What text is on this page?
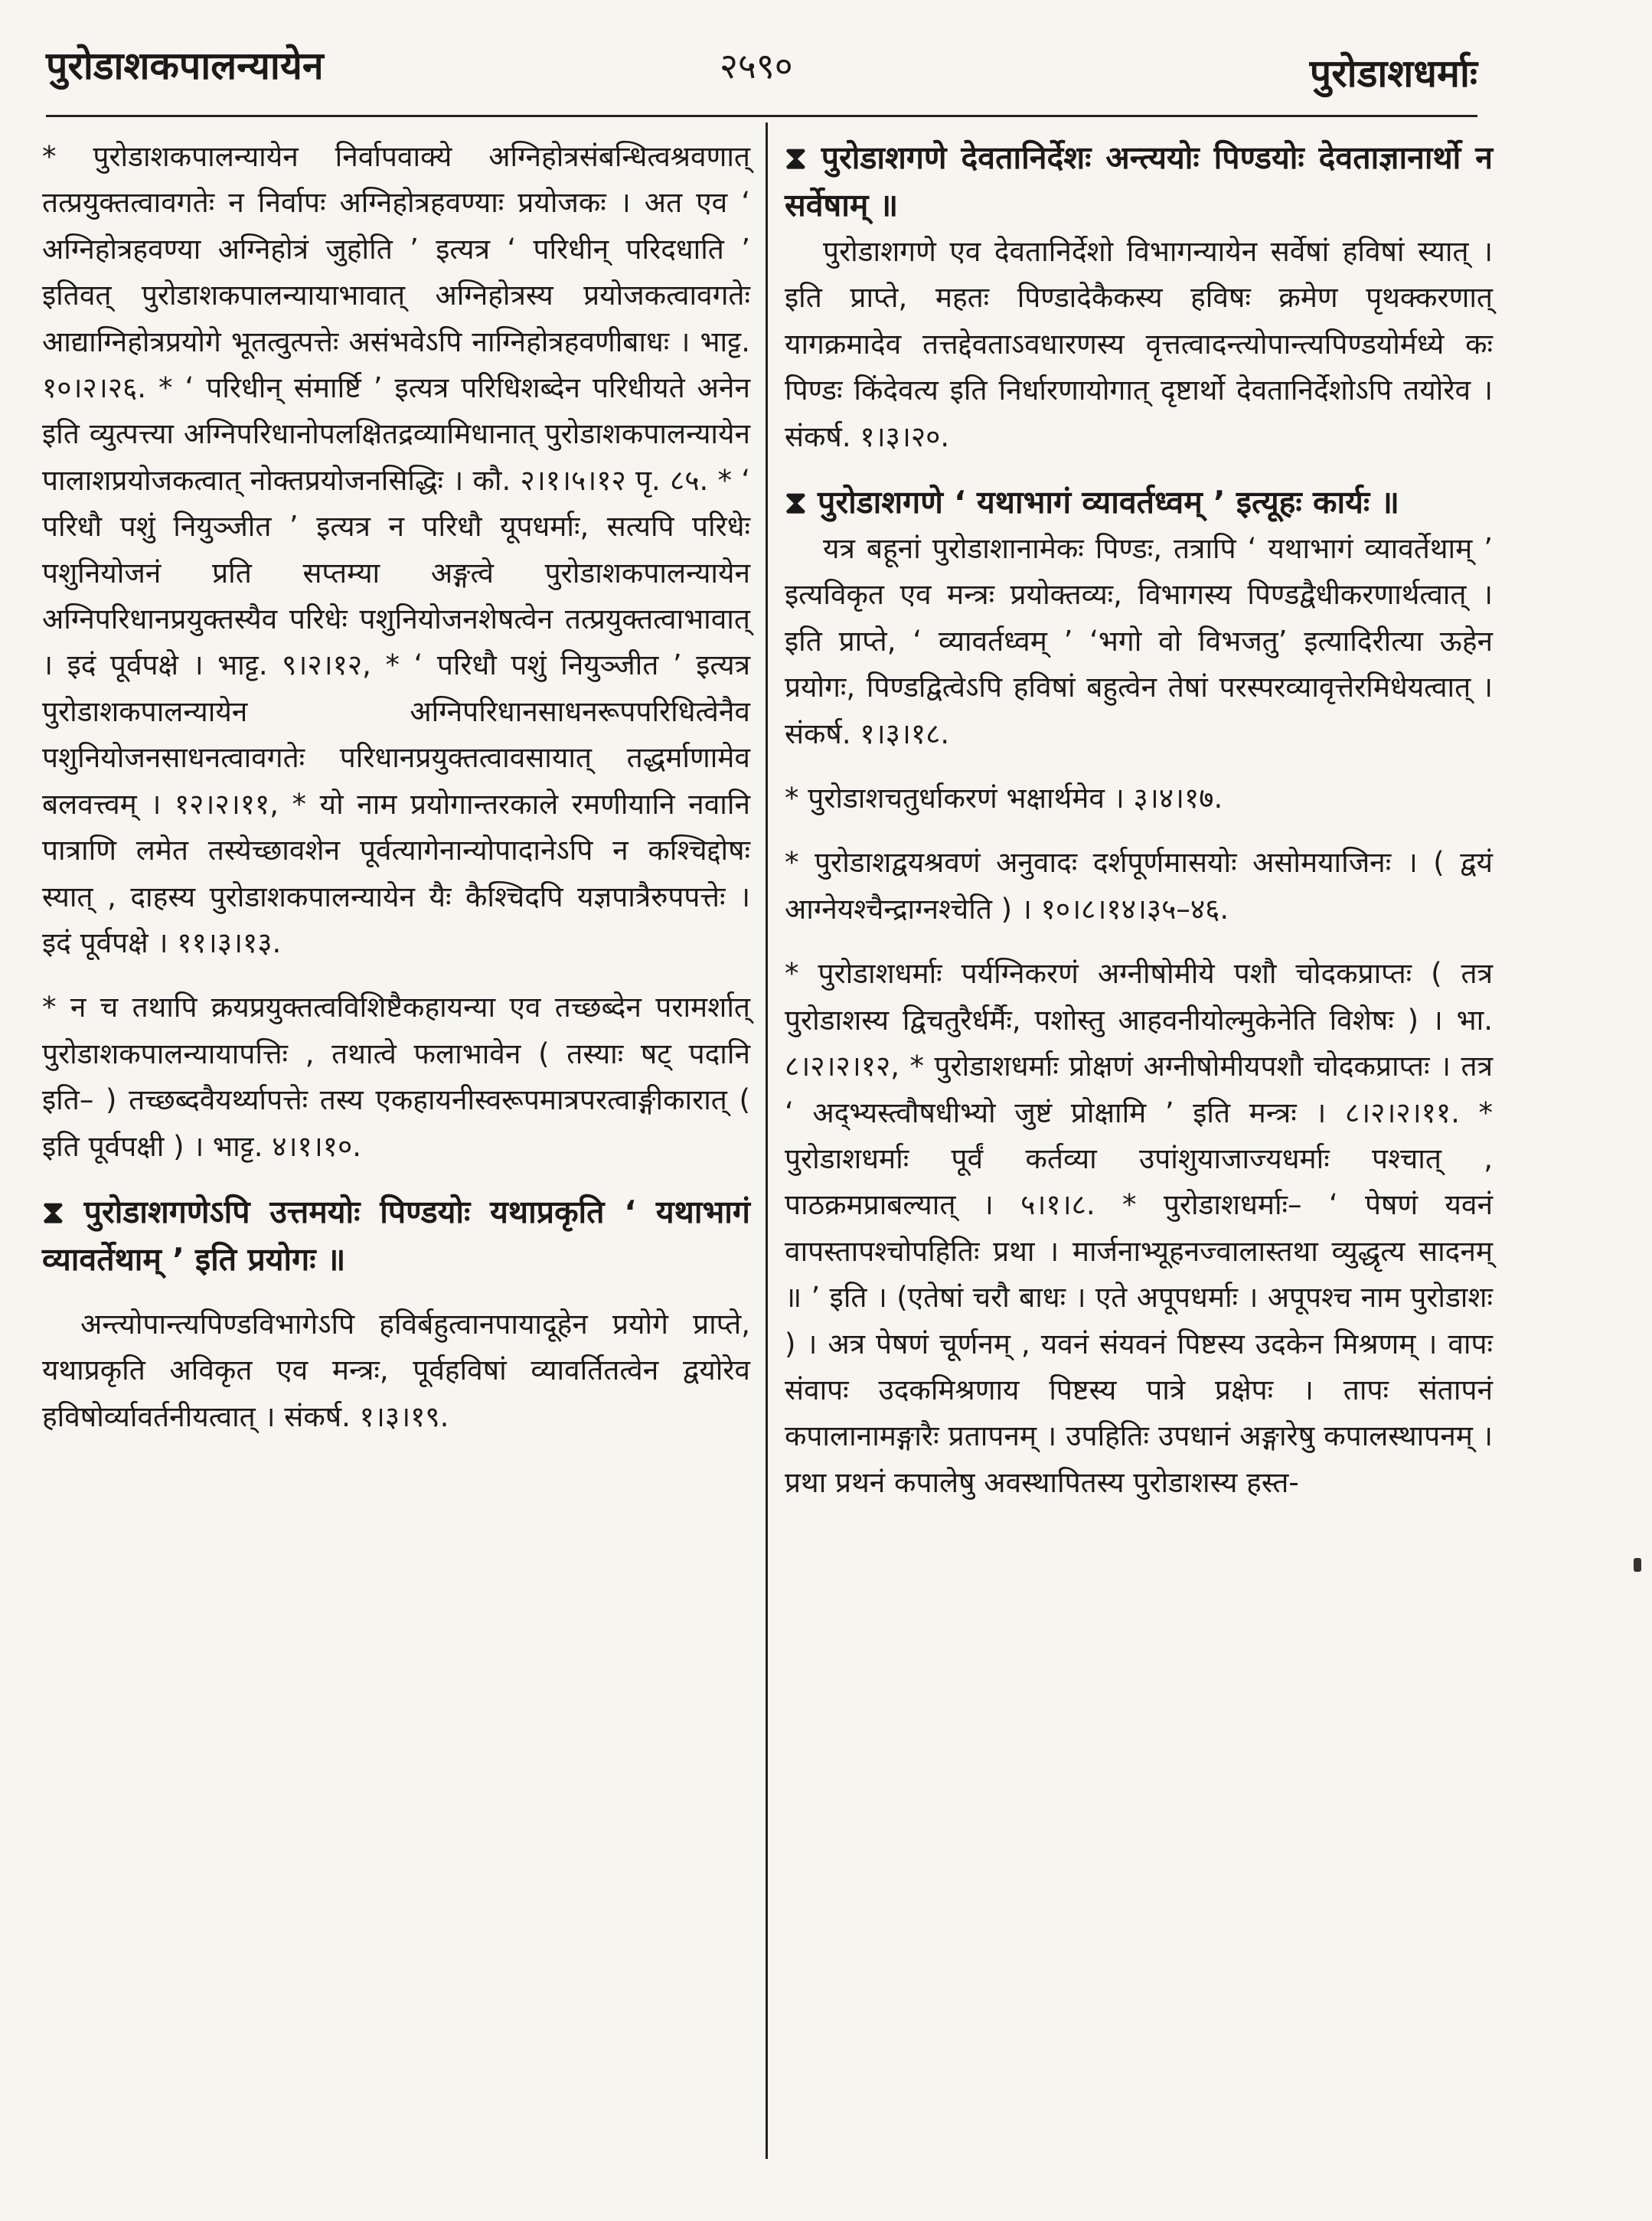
पुरोडाशकपालन्यायेन	२५९०	पुरोडाशधर्माः

* पुरोडाशकपालन्यायेन निर्वापवाक्ये अग्निहोत्रसंबन्धित्वश्रवणात् तत्प्रयुक्तत्वावगतेः न निर्वापः अग्निहोत्रहवण्याः प्रयोजकः । अत एव ‘ अग्निहोत्रहवण्या अग्निहोत्रं जुहोति ’ इत्यत्र ‘ परिधीन् परिदधाति ’ इतिवत् पुरोडाशकपालन्यायाभावात् अग्निहोत्रस्य प्रयोजकत्वावगतेः आद्याग्निहोत्रप्रयोगे भूतत्वुत्पत्तेः असंभवेऽपि नाग्निहोत्रहवणीबाधः । भाट्ट. १०।२।२६. * ‘ परिधीन् संमार्ष्टि ’ इत्यत्र परिधिशब्देन परिधीयते अनेन इति व्युत्पत्त्या अग्निपरिधानोपलक्षितद्रव्यामिधानात् पुरोडाशकपालन्यायेन पालाशप्रयोजकत्वात् नोक्तप्रयोजनसिद्धिः । कौ. २।१।५।१२ पृ. ८५. * ‘ परिधौ पशुं नियुञ्जीत ’ इत्यत्र न परिधौ यूपधर्माः, सत्यपि परिधेः पशुनियोजनं प्रति सप्तम्या अङ्गत्वे पुरोडाशकपालन्यायेन अग्निपरिधानप्रयुक्तस्यैव परिधेः पशुनियोजनशेषत्वेन तत्प्रयुक्तत्वाभावात् । इदं पूर्वपक्षे । भाट्ट. ९।२।१२, * ‘ परिधौ पशुं नियुञ्जीत ’ इत्यत्र पुरोडाशकपालन्यायेन अग्निपरिधानसाधनरूपपरिधित्वेनैव पशुनियोजनसाधनत्वावगतेः परिधानप्रयुक्तत्वावसायात् तद्धर्माणामेव बलवत्त्वम् । १२।२।११, * यो नाम प्रयोगान्तरकाले रमणीयानि नवानि पात्राणि लमेत तस्येच्छावशेन पूर्वत्यागेनान्योपादानेऽपि न कश्चिद्दोषः स्यात् , दाहस्य पुरोडाशकपालन्यायेन यैः कैश्चिदपि यज्ञपात्रैरुपपत्तेः । इदं पूर्वपक्षे । ११।३।१३.

* न च तथापि क्रयप्रयुक्तत्वविशिष्टैकहायन्या एव तच्छब्देन परामर्शात् पुरोडाशकपालन्यायापत्तिः , तथात्वे फलाभावेन ( तस्याः षट् पदानि इति– ) तच्छब्दवैयर्थ्यापत्तेः तस्य एकहायनीस्वरूपमात्रपरत्वाङ्गीकारात् ( इति पूर्वपक्षी ) । भाट्ट. ४।१।१०.

⧗ पुरोडाशगणेऽपि उत्तमयोः पिण्डयोः यथाप्रकृति ‘ यथाभागं व्यावर्तेथाम् ’ इति प्रयोगः ॥

अन्त्योपान्त्यपिण्डविभागेऽपि हविर्बहुत्वानपायादूहेन प्रयोगे प्राप्ते, यथाप्रकृति अविकृत एव मन्त्रः, पूर्वहविषां व्यावर्तितत्वेन द्वयोरेव हविषोर्व्यावर्तनीयत्वात् । संकर्ष. १।३।१९.

⧗ पुरोडाशगणे देवतानिर्देशः अन्त्ययोः पिण्डयोः देवताज्ञानार्थो न सर्वेषाम् ॥

पुरोडाशगणे एव देवतानिर्देशो विभागन्यायेन सर्वेषां हविषां स्यात् । इति प्राप्ते, महतः पिण्डादेकैकस्य हविषः क्रमेण पृथक्करणात् यागक्रमादेव तत्तद्देवताऽवधारणस्य वृत्तत्वादन्त्योपान्त्यपिण्डयोर्मध्ये कः पिण्डः किंदेवत्य इति निर्धारणायोगात् दृष्टार्थो देवतानिर्देशोऽपि तयोरेव । संकर्ष. १।३।२०.

⧗ पुरोडाशगणे ‘ यथाभागं व्यावर्तध्वम् ’ इत्यूहः कार्यः ॥

यत्र बहूनां पुरोडाशानामेकः पिण्डः, तत्रापि ‘ यथाभागं व्यावर्तेथाम् ’ इत्यविकृत एव मन्त्रः प्रयोक्तव्यः, विभागस्य पिण्डद्वैधीकरणार्थत्वात् । इति प्राप्ते, ‘ व्यावर्तध्वम् ’ ‘भगो वो विभजतु’ इत्यादिरीत्या ऊहेन प्रयोगः, पिण्डद्वित्वेऽपि हविषां बहुत्वेन तेषां परस्परव्यावृत्तेरमिधेयत्वात् । संकर्ष. १।३।१८.

* पुरोडाशचतुर्धाकरणं भक्षार्थमेव । ३।४।१७.

* पुरोडाशद्वयश्रवणं अनुवादः दर्शपूर्णमासयोः असोमयाजिनः । ( द्वयं आग्नेयश्चैन्द्राग्नश्चेति ) । १०।८।१४।३५–४६.

* पुरोडाशधर्माः पर्यग्निकरणं अग्नीषोमीये पशौ चोदकप्राप्तः ( तत्र पुरोडाशस्य द्विचतुरैर्धर्मैः, पशोस्तु आहवनीयोल्मुकेनेति विशेषः ) । भा. ८।२।२।१२, * पुरोडाशधर्माः प्रोक्षणं अग्नीषोमीयपशौ चोदकप्राप्तः । तत्र ‘ अद्भ्यस्त्वौषधीभ्यो जुष्टं प्रोक्षामि ’ इति मन्त्रः । ८।२।२।११. * पुरोडाशधर्माः पूर्वं कर्तव्या उपांशुयाजाज्यधर्माः पश्चात् , पाठक्रमप्राबल्यात् । ५।१।८. * पुरोडाशधर्माः– ‘ पेषणं यवनं वापस्तापश्चोपहितिः प्रथा । मार्जनाभ्यूहनज्वालास्तथा व्युद्धृत्य सादनम् ॥ ’ इति । (एतेषां चरौ बाधः । एते अपूपधर्माः । अपूपश्च नाम पुरोडाशः ) । अत्र पेषणं चूर्णनम् , यवनं संयवनं पिष्टस्य उदकेन मिश्रणम् । वापः संवापः उदकमिश्रणाय पिष्टस्य पात्रे प्रक्षेपः । तापः संतापनं कपालानामङ्गारैः प्रतापनम् । उपहितिः उपधानं अङ्गारेषु कपालस्थापनम् । प्रथा प्रथनं कपालेषु अवस्थापितस्य पुरोडाशस्य हस्त-
